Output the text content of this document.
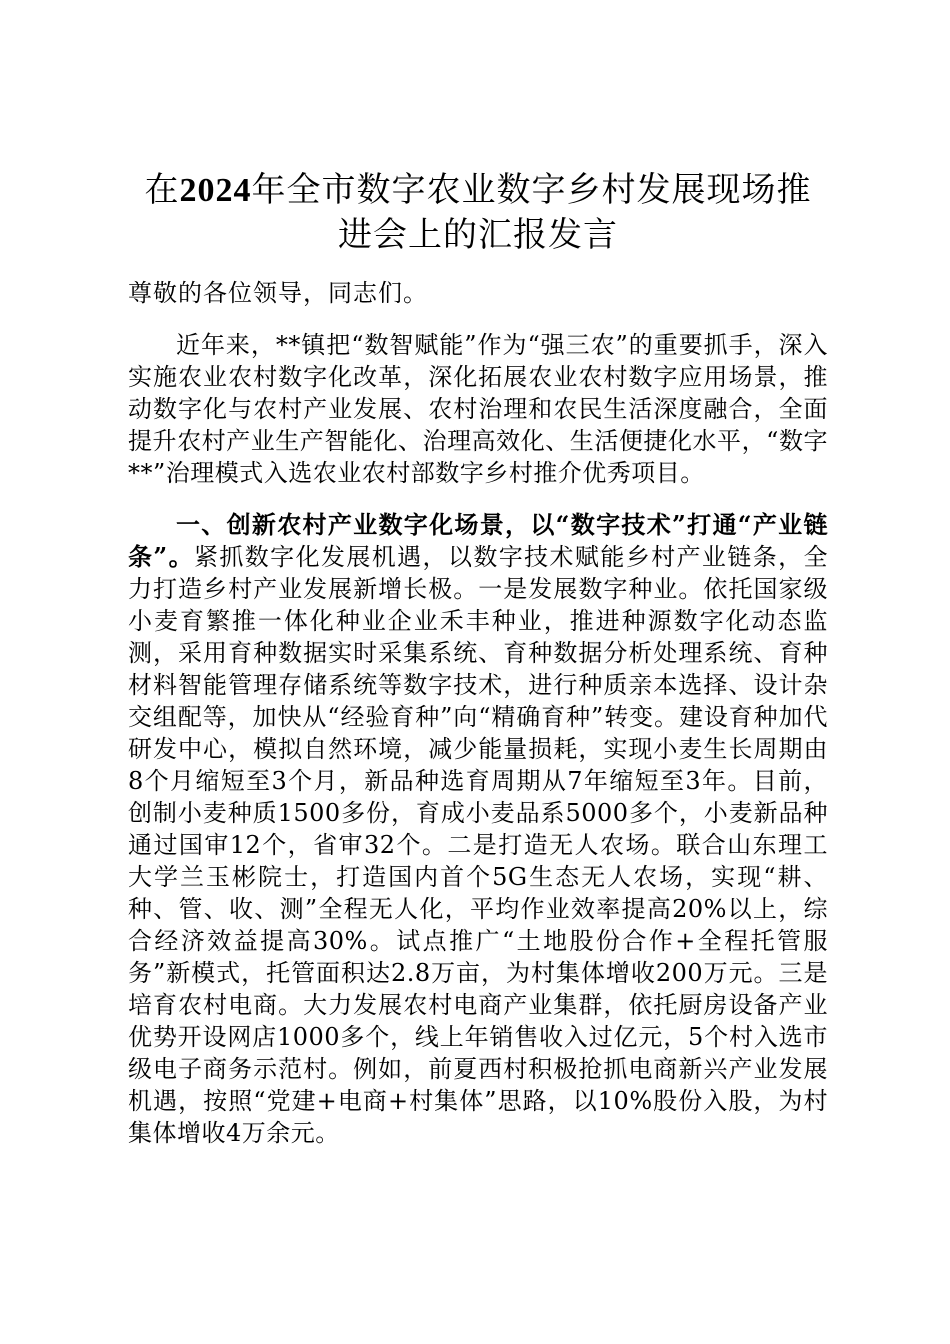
在2024年全市数字农业数字乡村发展现场推进会上的汇报发言

尊敬的各位领导，同志们。

近年来，**镇把“数智赋能”作为“强三农”的重要抓手，深入实施农业农村数字化改革，深化拓展农业农村数字应用场景，推动数字化与农村产业发展、农村治理和农民生活深度融合，全面提升农村产业生产智能化、治理高效化、生活便捷化水平，“数字**”治理模式入选农业农村部数字乡村推介优秀项目。

一、创新农村产业数字化场景，以“数字技术”打通“产业链条”。紧抓数字化发展机遇，以数字技术赋能乡村产业链条，全力打造乡村产业发展新增长极。一是发展数字种业。依托国家级小麦育繁推一体化种业企业禾丰种业，推进种源数字化动态监测，采用育种数据实时采集系统、育种数据分析处理系统、育种材料智能管理存储系统等数字技术，进行种质亲本选择、设计杂交组配等，加快从“经验育种”向“精确育种”转变。建设育种加代研发中心，模拟自然环境，减少能量损耗，实现小麦生长周期由8个月缩短至3个月，新品种选育周期从7年缩短至3年。目前，创制小麦种质1500多份，育成小麦品系5000多个，小麦新品种通过国审12个，省审32个。二是打造无人农场。联合山东理工大学兰玉彬院士，打造国内首个5G生态无人农场，实现“耕、种、管、收、测”全程无人化，平均作业效率提高20%以上，综合经济效益提高30%。试点推广“土地股份合作+全程托管服务”新模式，托管面积达2.8万亩，为村集体增收200万元。三是培育农村电商。大力发展农村电商产业集群，依托厨房设备产业优势开设网店1000多个，线上年销售收入过亿元，5个村入选市级电子商务示范村。例如，前夏西村积极抢抓电商新兴产业发展机遇，按照“党建+电商+村集体”思路，以10%股份入股，为村集体增收4万余元。
